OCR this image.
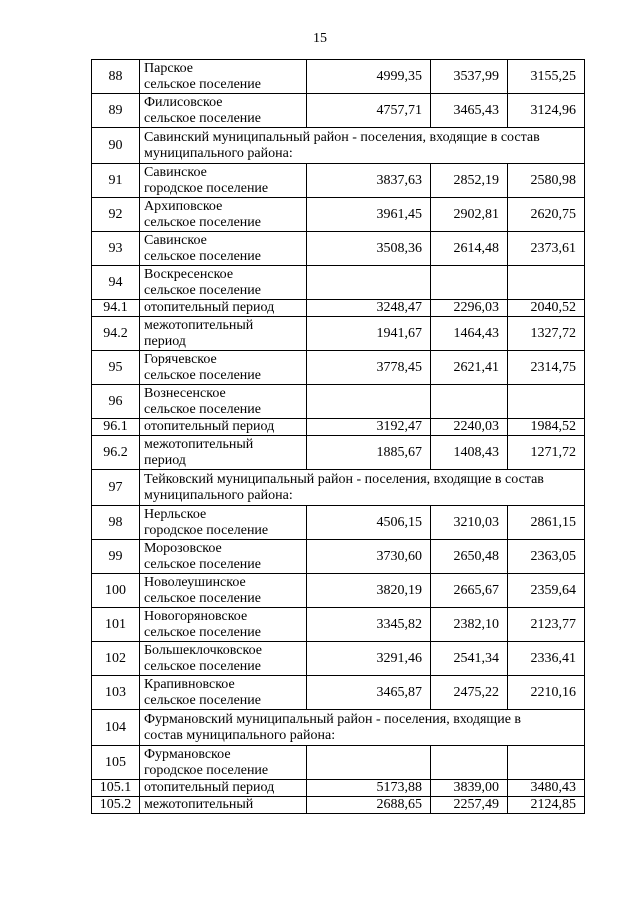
15
88	Парское
сельское поселение	4999,35	3537,99	3155,25
89	Филисовское
сельское поселение	4757,71	3465,43	3124,96
90	Савинский муниципальный район - поселения, входящие в состав
муниципального района:			

91	Савинское
городское поселение	3837,63	2852,19	2580,98
92	Архиповское
сельское поселение	3961,45	2902,81	2620,75
93	Савинское
сельское поселение	3508,36	2614,48	2373,61
94	Воскресенское
сельское поселение			

94.1	отопительный период	3248,47	2296,03	2040,52
94.2	межотопительный
период	1941,67	1464,43	1327,72
95	Горячевское
сельское поселение	3778,45	2621,41	2314,75
96	Вознесенское
сельское поселение			

96.1	отопительный период	3192,47	2240,03	1984,52
96.2	межотопительный
период	1885,67	1408,43	1271,72
97	Тейковский муниципальный район - поселения, входящие в состав
муниципального района:			

98	Нерльское
городское поселение	4506,15	3210,03	2861,15
99	Морозовское
сельское поселение	3730,60	2650,48	2363,05
100	Новолеушинское
сельское поселение	3820,19	2665,67	2359,64
101	Новогоряновское
сельское поселение	3345,82	2382,10	2123,77
102	Большеклочковское
сельское поселение	3291,46	2541,34	2336,41
103	Крапивновское
сельское поселение	3465,87	2475,22	2210,16
104	Фурмановский муниципальный район - поселения, входящие в
состав муниципального района:			

105	Фурмановское
городское поселение			

105.1	отопительный период	5173,88	3839,00	3480,43
105.2	межотопительный	2688,65	2257,49	2124,85
